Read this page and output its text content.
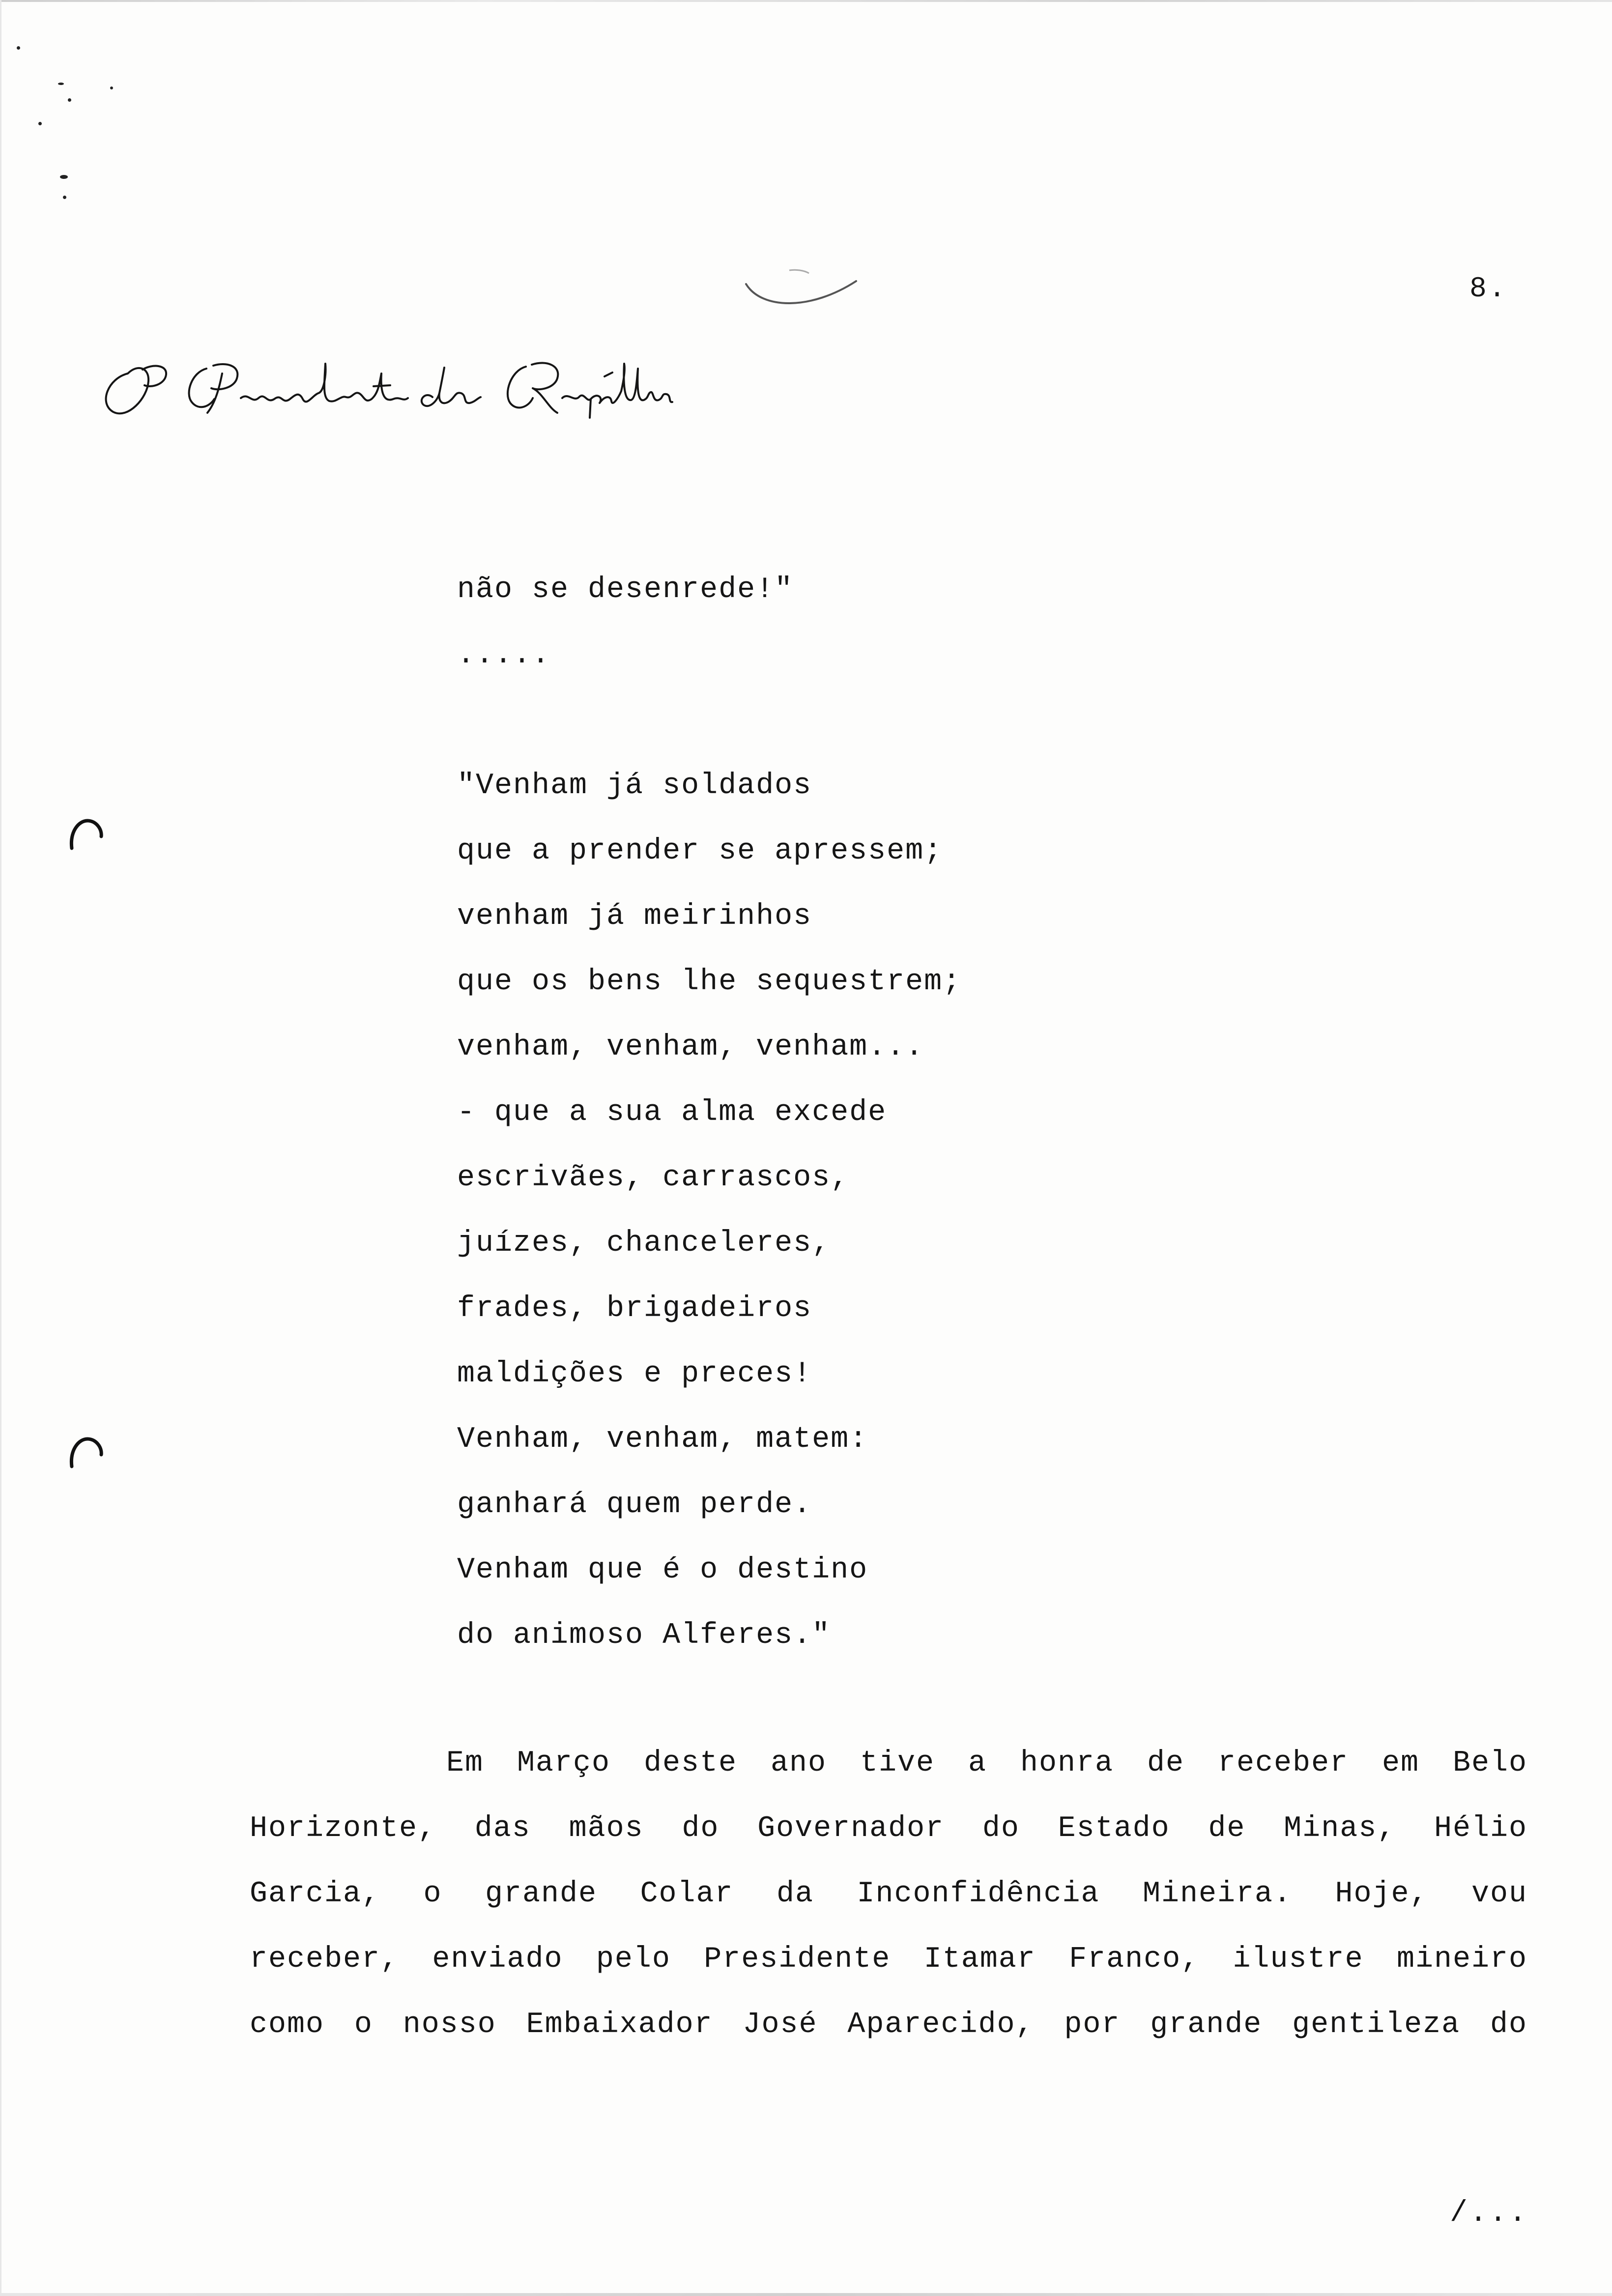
8.
não se desenrede!"
.....
"Venham já soldados
que a prender se apressem;
venham já meirinhos
que os bens lhe sequestrem;
venham, venham, venham...
- que a sua alma excede
escrivães, carrascos,
juízes, chanceleres,
frades, brigadeiros
maldições e preces!
Venham, venham, matem:
ganhará quem perde.
Venham que é o destino
do animoso Alferes."
Em Março deste ano tive a honra de receber em Belo
Horizonte, das mãos do Governador do Estado de Minas, Hélio
Garcia, o grande Colar da Inconfidência Mineira. Hoje, vou
receber, enviado pelo Presidente Itamar Franco, ilustre mineiro
como o nosso Embaixador José Aparecido, por grande gentileza do
/...
